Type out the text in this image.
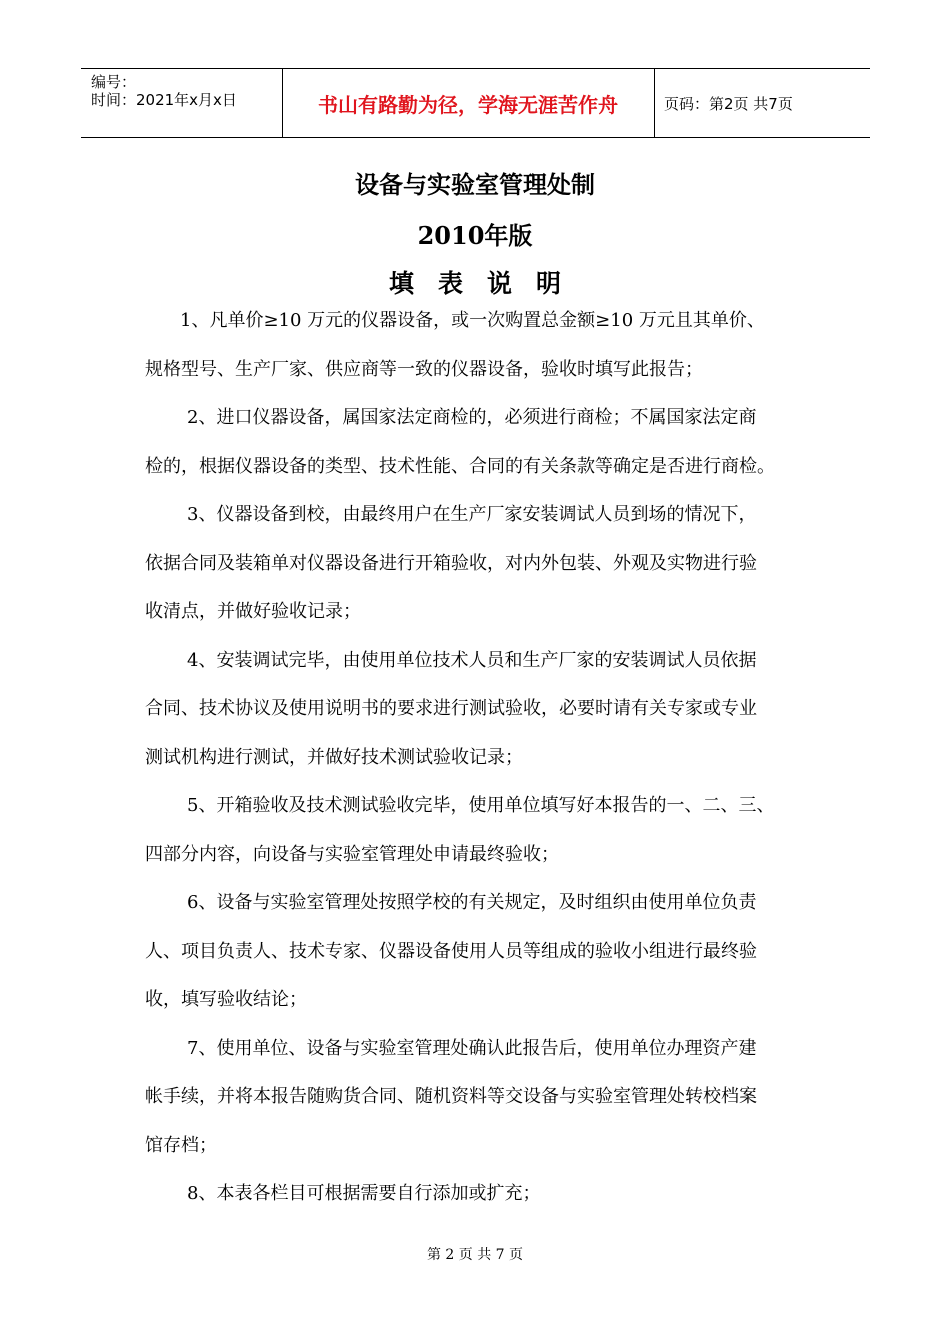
编号：
时间：2021年x月x日	书山有路勤为径，学海无涯苦作舟	页码：第2页 共7页
设备与实验室管理处制
2010年版
填表说明
1、凡单价≥10 万元的仪器设备，或一次购置总金额≥10 万元且其单价、
规格型号、生产厂家、供应商等一致的仪器设备，验收时填写此报告；
2、进口仪器设备，属国家法定商检的，必须进行商检；不属国家法定商
检的，根据仪器设备的类型、技术性能、合同的有关条款等确定是否进行商检。
3、仪器设备到校，由最终用户在生产厂家安装调试人员到场的情况下，
依据合同及装箱单对仪器设备进行开箱验收，对内外包装、外观及实物进行验
收清点，并做好验收记录；
4、安装调试完毕，由使用单位技术人员和生产厂家的安装调试人员依据
合同、技术协议及使用说明书的要求进行测试验收，必要时请有关专家或专业
测试机构进行测试，并做好技术测试验收记录；
5、开箱验收及技术测试验收完毕，使用单位填写好本报告的一、二、三、
四部分内容，向设备与实验室管理处申请最终验收；
6、设备与实验室管理处按照学校的有关规定，及时组织由使用单位负责
人、项目负责人、技术专家、仪器设备使用人员等组成的验收小组进行最终验
收，填写验收结论；
7、使用单位、设备与实验室管理处确认此报告后，使用单位办理资产建
帐手续，并将本报告随购货合同、随机资料等交设备与实验室管理处转校档案
馆存档；
8、本表各栏目可根据需要自行添加或扩充；
第 2 页 共 7 页
